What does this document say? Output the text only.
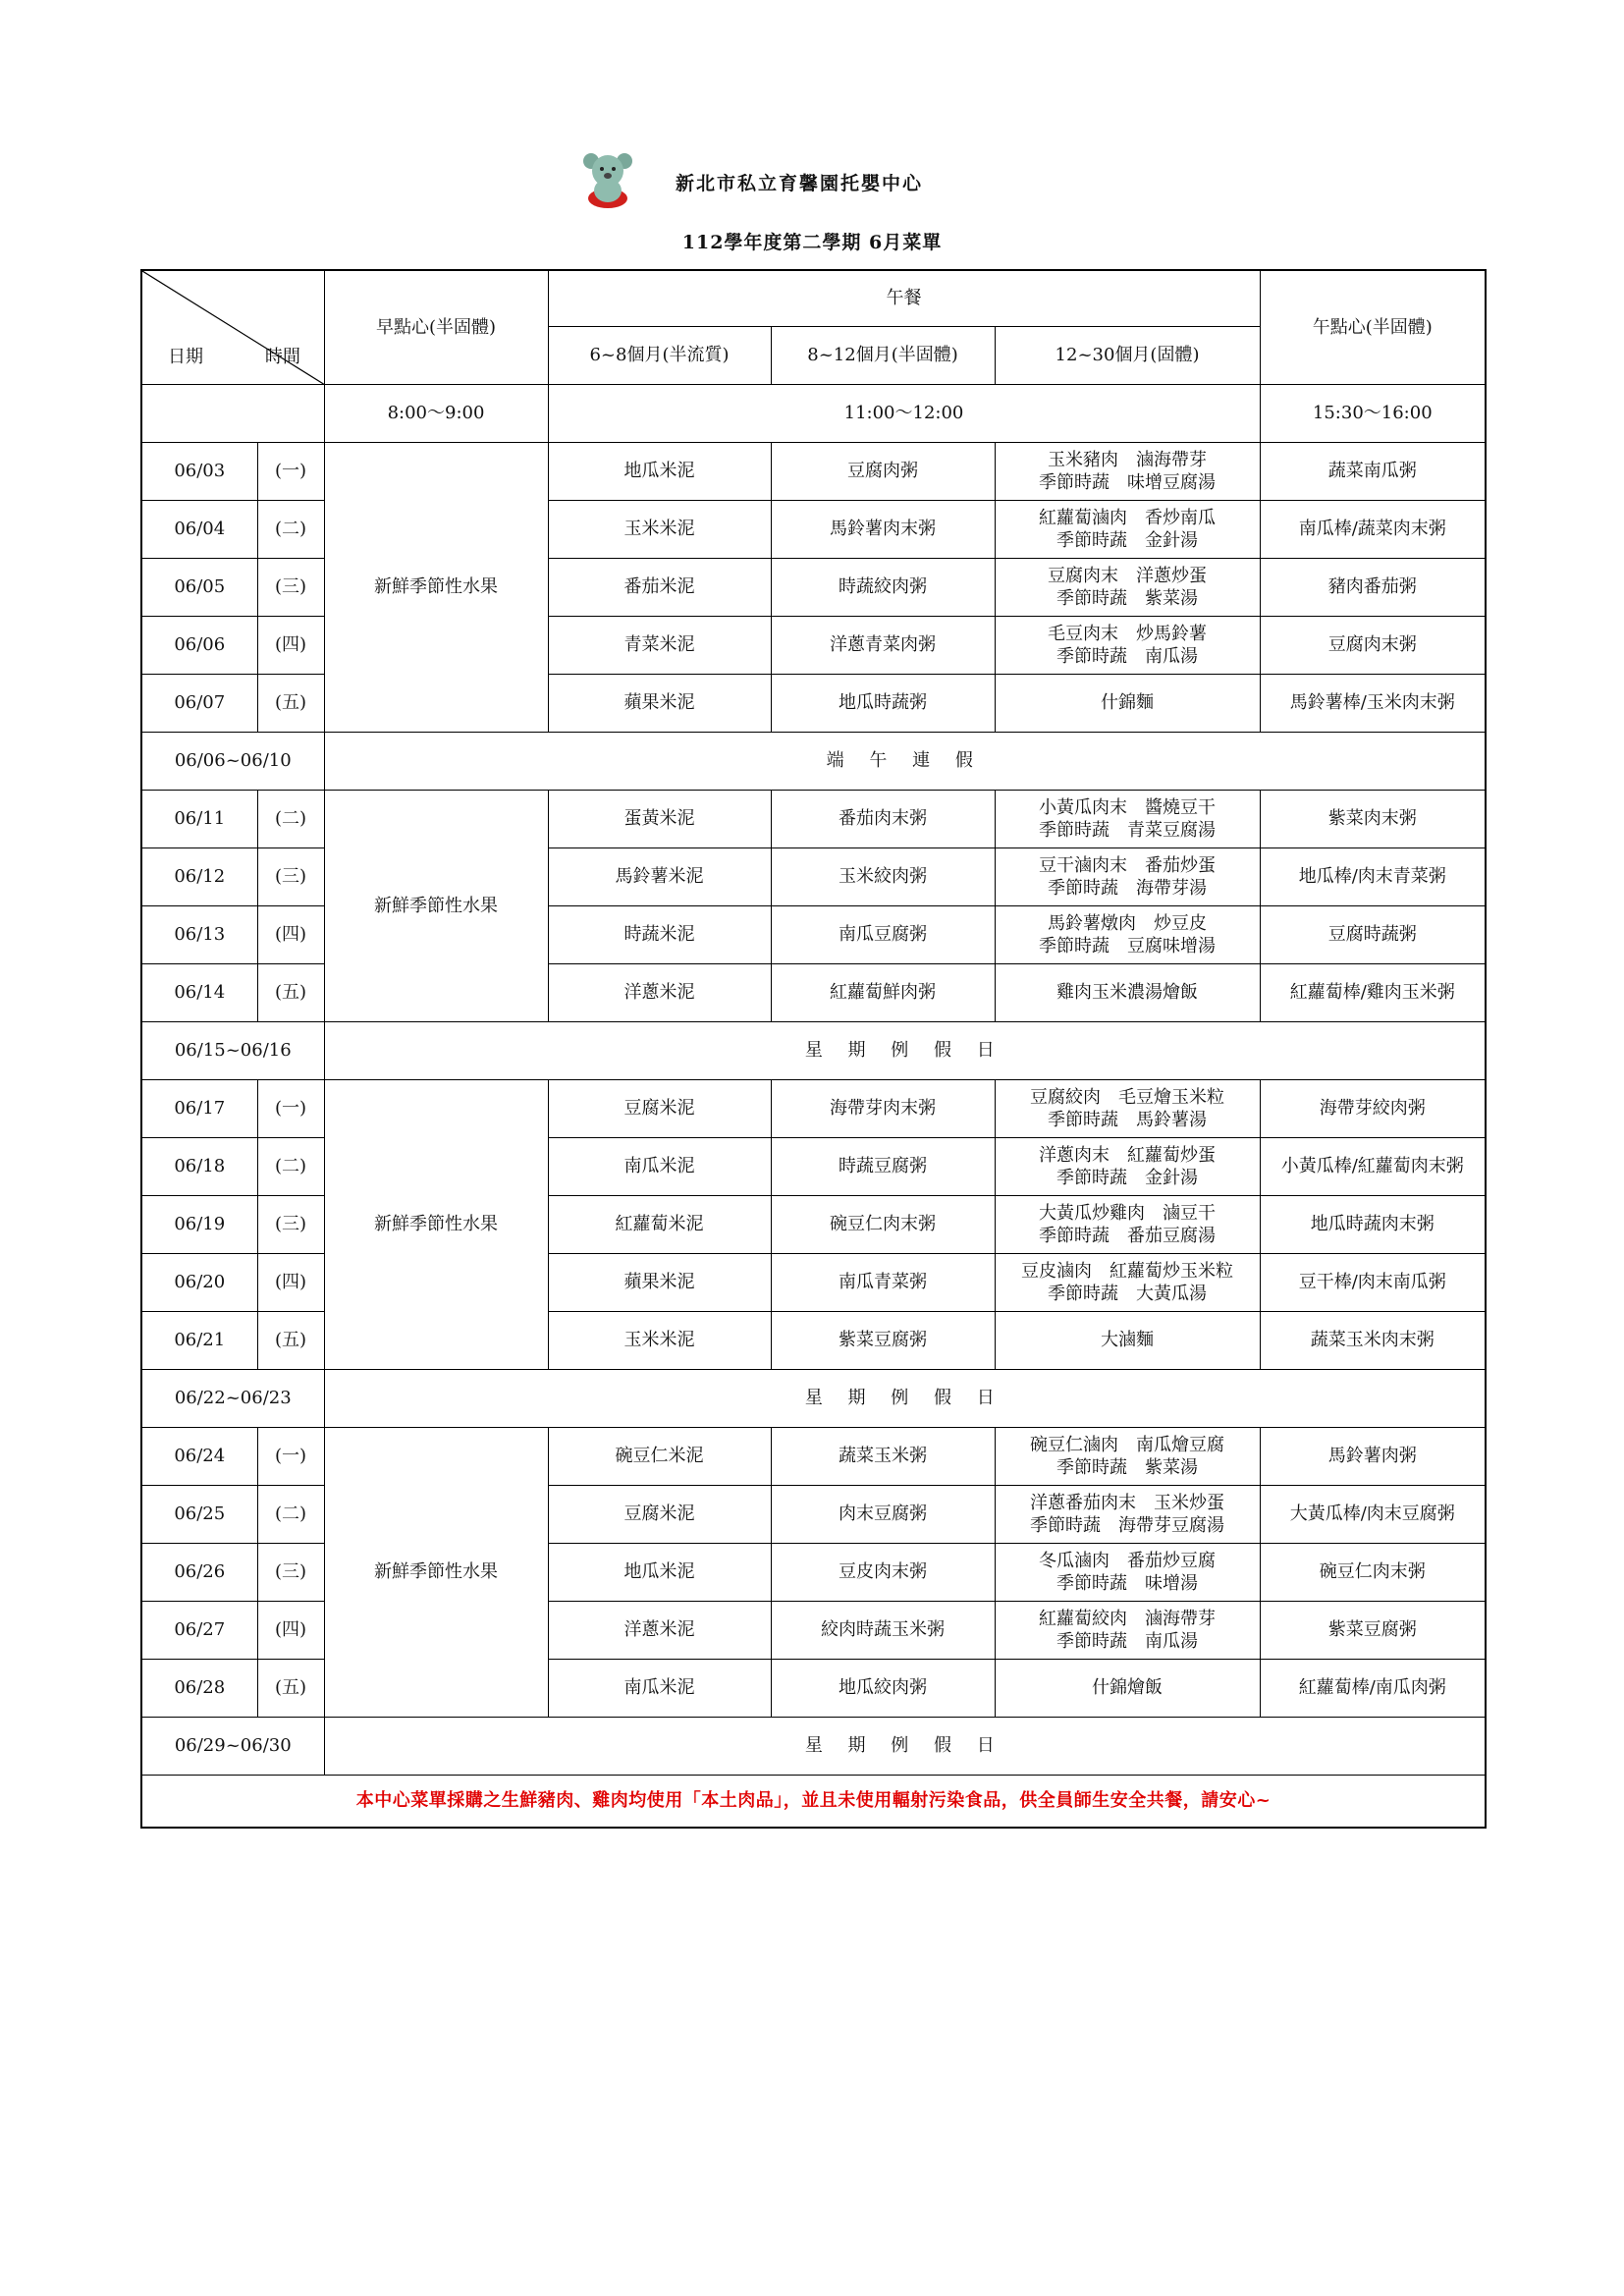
新北市私立育馨園托嬰中心
112學年度第二學期 6月菜單
日期 時間		早點心(半固體)	午餐			午點心(半固體)
			6~8個月(半流質)	8~12個月(半固體)	12~30個月(固體)	
		8:00～9:00	11:00～12:00			15:30～16:00
06/03	(一)	新鮮季節性水果	地瓜米泥	豆腐肉粥	玉米豬肉　滷海帶芽
季節時蔬　味增豆腐湯	蔬菜南瓜粥
06/04	(二)		玉米米泥	馬鈴薯肉末粥	紅蘿蔔滷肉　香炒南瓜
季節時蔬　金針湯	南瓜棒/蔬菜肉末粥
06/05	(三)		番茄米泥	時蔬絞肉粥	豆腐肉末　洋蔥炒蛋
季節時蔬　紫菜湯	豬肉番茄粥
06/06	(四)		青菜米泥	洋蔥青菜肉粥	毛豆肉末　炒馬鈴薯
季節時蔬　南瓜湯	豆腐肉末粥
06/07	(五)		蘋果米泥	地瓜時蔬粥	什錦麵	馬鈴薯棒/玉米肉末粥
06/06~06/10		端 午 連 假				
06/11	(二)	新鮮季節性水果	蛋黃米泥	番茄肉末粥	小黃瓜肉末　醬燒豆干
季節時蔬　青菜豆腐湯	紫菜肉末粥
06/12	(三)		馬鈴薯米泥	玉米絞肉粥	豆干滷肉末　番茄炒蛋
季節時蔬　海帶芽湯	地瓜棒/肉末青菜粥
06/13	(四)		時蔬米泥	南瓜豆腐粥	馬鈴薯燉肉　炒豆皮
季節時蔬　豆腐味增湯	豆腐時蔬粥
06/14	(五)		洋蔥米泥	紅蘿蔔鮮肉粥	雞肉玉米濃湯燴飯	紅蘿蔔棒/雞肉玉米粥
06/15~06/16		星 期 例 假 日				
06/17	(一)	新鮮季節性水果	豆腐米泥	海帶芽肉末粥	豆腐絞肉　毛豆燴玉米粒
季節時蔬　馬鈴薯湯	海帶芽絞肉粥
06/18	(二)		南瓜米泥	時蔬豆腐粥	洋蔥肉末　紅蘿蔔炒蛋
季節時蔬　金針湯	小黃瓜棒/紅蘿蔔肉末粥
06/19	(三)		紅蘿蔔米泥	碗豆仁肉末粥	大黃瓜炒雞肉　滷豆干
季節時蔬　番茄豆腐湯	地瓜時蔬肉末粥
06/20	(四)		蘋果米泥	南瓜青菜粥	豆皮滷肉　紅蘿蔔炒玉米粒
季節時蔬　大黃瓜湯	豆干棒/肉末南瓜粥
06/21	(五)		玉米米泥	紫菜豆腐粥	大滷麵	蔬菜玉米肉末粥
06/22~06/23		星 期 例 假 日				
06/24	(一)	新鮮季節性水果	碗豆仁米泥	蔬菜玉米粥	碗豆仁滷肉　南瓜燴豆腐
季節時蔬　紫菜湯	馬鈴薯肉粥
06/25	(二)		豆腐米泥	肉末豆腐粥	洋蔥番茄肉末　玉米炒蛋
季節時蔬　海帶芽豆腐湯	大黃瓜棒/肉末豆腐粥
06/26	(三)		地瓜米泥	豆皮肉末粥	冬瓜滷肉　番茄炒豆腐
季節時蔬　味增湯	碗豆仁肉末粥
06/27	(四)		洋蔥米泥	絞肉時蔬玉米粥	紅蘿蔔絞肉　滷海帶芽
季節時蔬　南瓜湯	紫菜豆腐粥
06/28	(五)		南瓜米泥	地瓜絞肉粥	什錦燴飯	紅蘿蔔棒/南瓜肉粥
06/29~06/30		星 期 例 假 日				
本中心菜單採購之生鮮豬肉、雞肉均使用「本土肉品」，並且未使用輻射污染食品，供全員師生安全共餐，請安心~						
